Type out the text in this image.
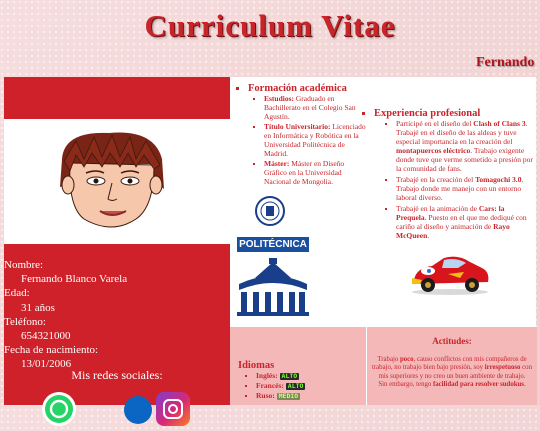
Curriculum Vitae
Fernando
Nombre:
Fernando Blanco Varela
Edad:
31 años
Teléfono:
654321000
Fecha de nacimiento:
13/01/2006
Mis redes sociales:
▪ Formación académica
▪ Estudios: Graduado en Bachillerato en el Colegio San Agustín.
▪ Título Universitario: Licenciado en Informática y Robótica en la Universidad Politécnica de Madrid.
▪ Máster: Máster en Diseño Gráfico en la Universidad Nacional de Mongolia.
POLITÉCNICA
▪ Experiencia profesional
▪ Participé en el diseño del Clash of Clans 3. Trabajé en el diseño de las aldeas y tuve especial importancia en la creación del montapuercos eléctrico. Trabajo exigente donde tuve que verme sometido a presión por la comunidad de fans.
▪ Trabajé en la creación del Tomagochi 3.0. Trabajo donde me manejo con un entorno laboral diverso.
▪ Trabajé en la animación de Cars: la Prequela. Puesto en el que me dediqué con cariño al diseño y animación de Rayo McQueen.
▪ Idiomas
▪ Inglés: ALTO
▪ Francés: ALTO
▪ Ruso: MEDIO
Actitudes:

Trabajo poco, causo conflictos con mis compañeros de trabajo, no trabajo bien bajo presión, soy irrespetuoso con mis superiores y no creo un buen ambiente de trabajo.
Sin embargo, tengo facilidad para resolver sudokus.
